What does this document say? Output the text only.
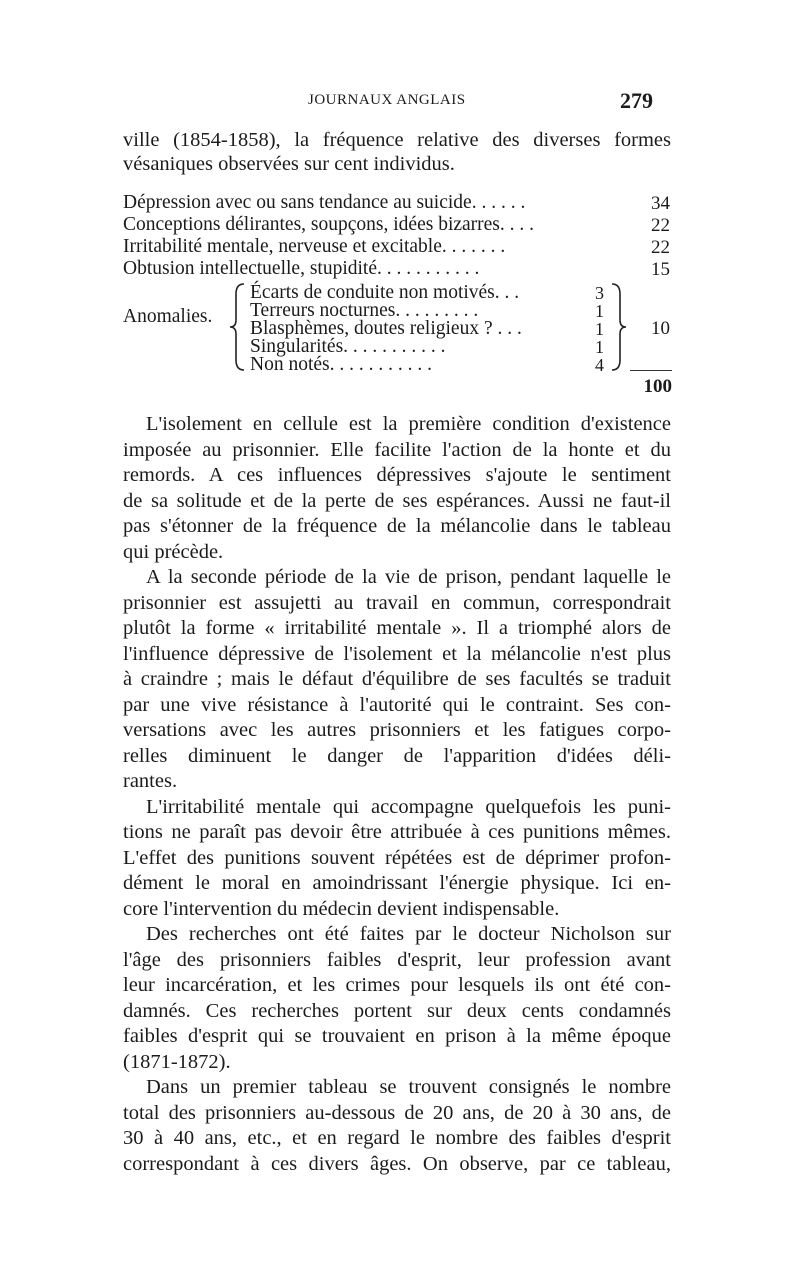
JOURNAUX ANGLAIS	279
ville (1854-1858), la fréquence relative des diverses formes
vésaniques observées sur cent individus.
Dépression avec ou sans tendance au suicide. . . . . .	34
Conceptions délirantes, soupçons, idées bizarres. . . .	22
Irritabilité mentale, nerveuse et excitable. . . . . . .	22
Obtusion intellectuelle, stupidité. . . . . . . . . . .	15
Anomalies.
Écarts de conduite non motivés. . .	3
Terreurs nocturnes. . . . . . . . .	1
Blasphèmes, doutes religieux ? . . .	1
Singularités. . . . . . . . . . .	1
Non notés. . . . . . . . . . .	4
10
100
L'isolement en cellule est la première condition d'existence
imposée au prisonnier. Elle facilite l'action de la honte et du
remords. A ces influences dépressives s'ajoute le sentiment
de sa solitude et de la perte de ses espérances. Aussi ne faut-il
pas s'étonner de la fréquence de la mélancolie dans le tableau
qui précède.
A la seconde période de la vie de prison, pendant laquelle le
prisonnier est assujetti au travail en commun, correspondrait
plutôt la forme « irritabilité mentale ». Il a triomphé alors de
l'influence dépressive de l'isolement et la mélancolie n'est plus
à craindre ; mais le défaut d'équilibre de ses facultés se traduit
par une vive résistance à l'autorité qui le contraint. Ses con-
versations avec les autres prisonniers et les fatigues corpo-
relles diminuent le danger de l'apparition d'idées déli-
rantes.
L'irritabilité mentale qui accompagne quelquefois les puni-
tions ne paraît pas devoir être attribuée à ces punitions mêmes.
L'effet des punitions souvent répétées est de déprimer profon-
dément le moral en amoindrissant l'énergie physique. Ici en-
core l'intervention du médecin devient indispensable.
Des recherches ont été faites par le docteur Nicholson sur
l'âge des prisonniers faibles d'esprit, leur profession avant
leur incarcération, et les crimes pour lesquels ils ont été con-
damnés. Ces recherches portent sur deux cents condamnés
faibles d'esprit qui se trouvaient en prison à la même époque
(1871-1872).
Dans un premier tableau se trouvent consignés le nombre
total des prisonniers au-dessous de 20 ans, de 20 à 30 ans, de
30 à 40 ans, etc., et en regard le nombre des faibles d'esprit
correspondant à ces divers âges. On observe, par ce tableau,
